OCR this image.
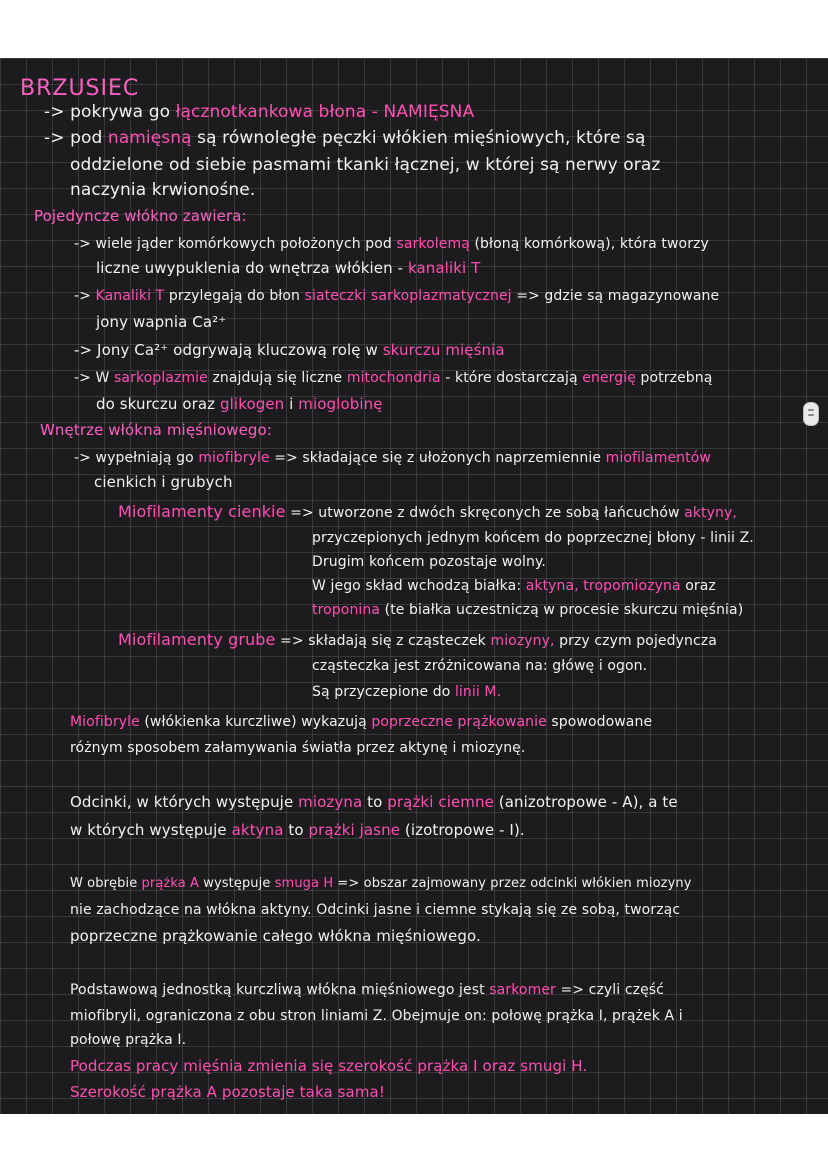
BRZUSIEC
-> pokrywa go łącznotkankowa błona - NAMIĘSNA
-> pod namięsną są równoległe pęczki włókien mięśniowych, które są
oddzielone od siebie pasmami tkanki łącznej, w której są nerwy oraz
naczynia krwionośne.
Pojedyncze włókno zawiera:
-> wiele jąder komórkowych położonych pod sarkolemą (błoną komórkową), która tworzy
liczne uwypuklenia do wnętrza włókien - kanaliki T
-> Kanaliki T przylegają do błon siateczki sarkoplazmatycznej => gdzie są magazynowane
jony wapnia Ca²⁺
-> Jony Ca²⁺ odgrywają kluczową rolę w skurczu mięśnia
-> W sarkoplazmie znajdują się liczne mitochondria - które dostarczają energię potrzebną
do skurczu oraz glikogen i mioglobinę
Wnętrze włókna mięśniowego:
-> wypełniają go miofibryle => składające się z ułożonych naprzemiennie miofilamentów
cienkich i grubych
Miofilamenty cienkie => utworzone z dwóch skręconych ze sobą łańcuchów aktyny,
przyczepionych jednym końcem do poprzecznej błony - linii Z.
Drugim końcem pozostaje wolny.
W jego skład wchodzą białka: aktyna, tropomiozyna oraz
troponina (te białka uczestniczą w procesie skurczu mięśnia)
Miofilamenty grube => składają się z cząsteczek miozyny, przy czym pojedyncza
cząsteczka jest zróżnicowana na: główę i ogon.
Są przyczepione do linii M.
Miofibryle (włókienka kurczliwe) wykazują poprzeczne prążkowanie spowodowane
różnym sposobem załamywania światła przez aktynę i miozynę.
Odcinki, w których występuje miozyna to prążki ciemne (anizotropowe - A), a te
w których występuje aktyna to prążki jasne (izotropowe - I).
W obrębie prążka A występuje smuga H => obszar zajmowany przez odcinki włókien miozyny
nie zachodzące na włókna aktyny. Odcinki jasne i ciemne stykają się ze sobą, tworząc
poprzeczne prążkowanie całego włókna mięśniowego.
Podstawową jednostką kurczliwą włókna mięśniowego jest sarkomer => czyli część
miofibryli, ograniczona z obu stron liniami Z. Obejmuje on: połowę prążka I, prążek A i
połowę prążka I.
Podczas pracy mięśnia zmienia się szerokość prążka I oraz smugi H.
Szerokość prążka A pozostaje taka sama!
